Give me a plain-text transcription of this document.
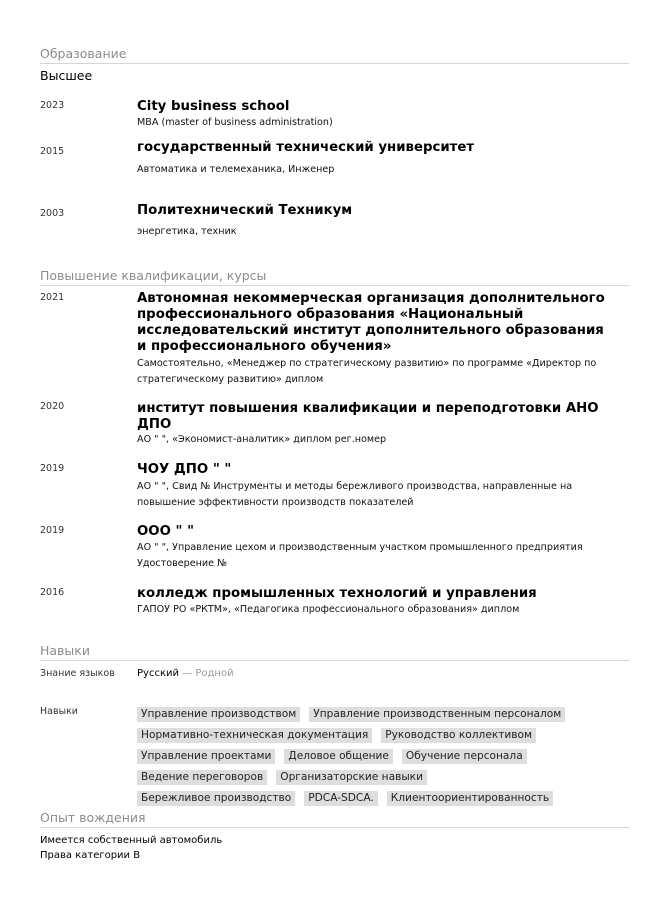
Образование
Высшее
2023	City business school
MBA (master of business administration)
2015	государственный технический университет
Автоматика и телемеханика, Инженер
2003	Политехнический Техникум
энергетика, техник
Повышение квалификации, курсы
2021	Автономная некоммерческая организация дополнительного профессионального образования «Национальный исследовательский институт дополнительного образования и профессионального обучения»
Самостоятельно, «Менеджер по стратегическому развитию» по программе «Директор по стратегическому развитию» диплом
2020	институт повышения квалификации и переподготовки АНО ДПО
АО " ", «Экономист-аналитик» диплом рег.номер
2019	ЧОУ ДПО " "
АО " ", Свид № Инструменты и методы бережливого производства, направленные на повышение эффективности производств показателей
2019	ООО " "
АО " ", Управление цехом и производственным участком промышленного предприятия Удостоверение №
2016	колледж промышленных технологий и управления
ГАПОУ РО «РКТМ», «Педагогика профессионального образования» диплом
Навыки
Знание языков Русский — Родной
Навыки	Управление производством Управление производственным персоналом
Нормативно-техническая документация Руководство коллективом
Управление проектами Деловое общение Обучение персонала
Ведение переговоров Организаторские навыки
Бережливое производство PDCA-SDCA. Клиентоориентированность
Опыт вождения
Имеется собственный автомобиль
Права категории B
